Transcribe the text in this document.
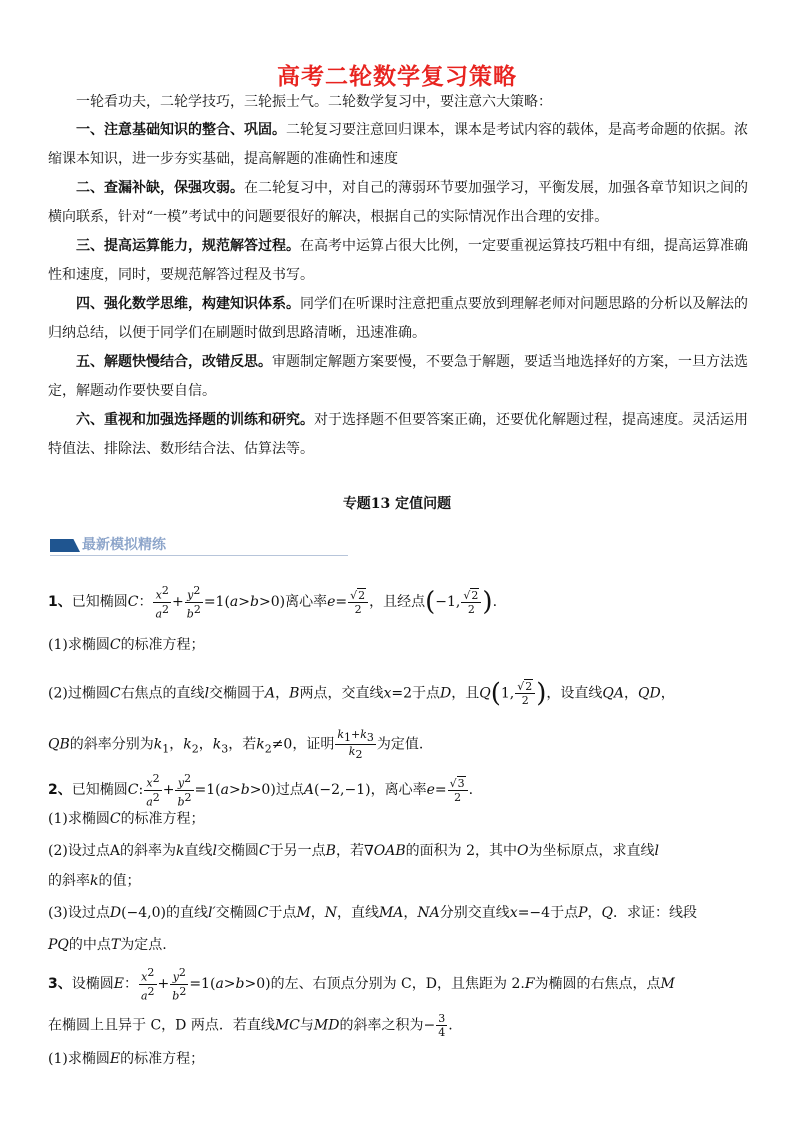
高考二轮数学复习策略
一轮看功夫，二轮学技巧，三轮振士气。二轮数学复习中，要注意六大策略：
一、注意基础知识的整合、巩固。二轮复习要注意回归课本，课本是考试内容的载体，是高考命题的依据。浓缩课本知识，进一步夯实基础，提高解题的准确性和速度
二、查漏补缺，保强攻弱。在二轮复习中，对自己的薄弱环节要加强学习，平衡发展，加强各章节知识之间的横向联系，针对“一模”考试中的问题要很好的解决，根据自己的实际情况作出合理的安排。
三、提高运算能力，规范解答过程。在高考中运算占很大比例，一定要重视运算技巧粗中有细，提高运算准确性和速度，同时，要规范解答过程及书写。
四、强化数学思维，构建知识体系。同学们在听课时注意把重点要放到理解老师对问题思路的分析以及解法的归纳总结，以便于同学们在刷题时做到思路清晰，迅速准确。
五、解题快慢结合，改错反思。审题制定解题方案要慢，不要急于解题，要适当地选择好的方案，一旦方法选定，解题动作要快要自信。
六、重视和加强选择题的训练和研究。对于选择题不但要答案正确，还要优化解题过程，提高速度。灵活运用特值法、排除法、数形结合法、估算法等。
专题13 定值问题
最新模拟精练
1、已知椭圆C： $\frac{x^2}{a^2} + \frac{y^2}{b^2} =1(a>b>0)$离心率$e= \frac{√2}{2}$ ，且经点(−1, $\frac{√2}{2}$ ).
(1)求椭圆C的标准方程；
(2)过椭圆C右焦点的直线l交椭圆于A，B两点，交直线x=2于点D，且Q(1, $\frac{√2}{2}$ )，设直线QA，QD，
QB的斜率分别为$k_1$，$k_2$，$k_3$，若$k_2\ne 0$，证明 $\frac{k_1+k_3}{k_2}$ 为定值.
2、已知椭圆C: $\frac{x^2}{a^2} + \frac{y^2}{b^2} =1(a>b>0)$过点A(−2,−1)，离心率$e= \frac{√3}{2}$ .
(1)求椭圆C的标准方程；
(2)设过点A的斜率为k直线l交椭圆C于另一点B，若∇OAB的面积为 2，其中O为坐标原点，求直线l
的斜率k的值；
(3)设过点D(−4,0)的直线l′交椭圆C于点M，N，直线MA，NA分别交直线x=−4于点P，Q．求证：线段
PQ的中点T为定点.
3、设椭圆E： $\frac{x^2}{a^2} + \frac{y^2}{b^2} =1(a>b>0)$的左、右顶点分别为 C，D，且焦距为 2.F为椭圆的右焦点，点M
在椭圆上且异于 C，D 两点．若直线MC与MD的斜率之积为− $\frac{3}{4}$ .
(1)求椭圆E的标准方程；
